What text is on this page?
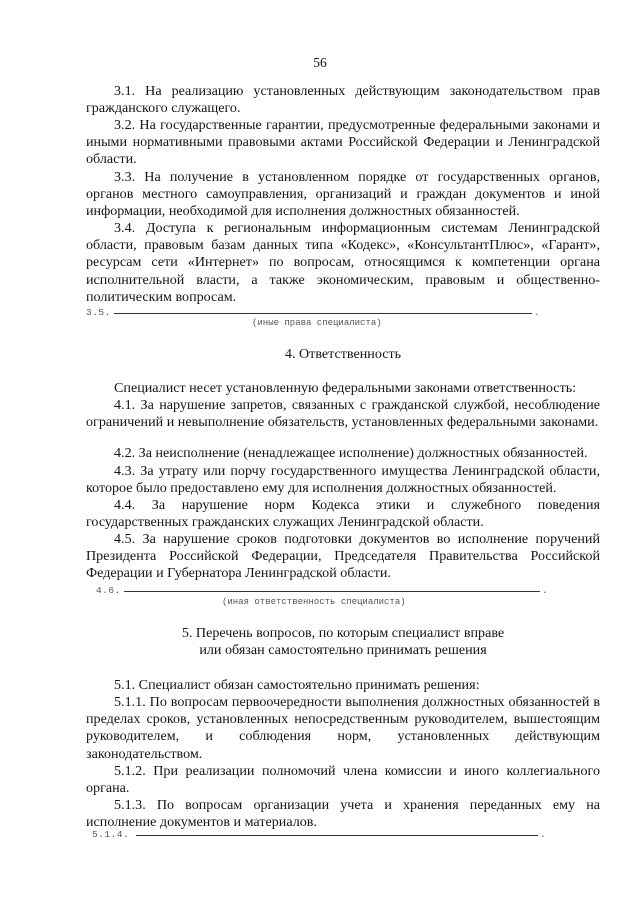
56

3.1. На реализацию установленных действующим законодательством прав гражданского служащего.

3.2. На государственные гарантии, предусмотренные федеральными законами и иными нормативными правовыми актами Российской Федерации и Ленинградской области.

3.3. На получение в установленном порядке от государственных органов, органов местного самоуправления, организаций и граждан документов и иной информации, необходимой для исполнения должностных обязанностей.

3.4. Доступа к региональным информационным системам Ленинградской области, правовым базам данных типа «Кодекс», «КонсультантПлюс», «Гарант», ресурсам сети «Интернет» по вопросам, относящимся к компетенции органа исполнительной власти, а также экономическим, правовым и общественно-политическим вопросам.

3.5.	.
(иные права специалиста)
4. Ответственность

Специалист несет установленную федеральными законами ответственность:

4.1. За нарушение запретов, связанных с гражданской службой, несоблюдение ограничений и невыполнение обязательств, установленных федеральными законами.

4.2. За неисполнение (ненадлежащее исполнение) должностных обязанностей.

4.3. За утрату или порчу государственного имущества Ленинградской области, которое было предоставлено ему для исполнения должностных обязанностей.

4.4. За нарушение норм Кодекса этики и служебного поведения государственных гражданских служащих Ленинградской области.

4.5. За нарушение сроков подготовки документов во исполнение поручений Президента Российской Федерации, Председателя Правительства Российской Федерации и Губернатора Ленинградской области.

4.6.	.
(иная ответственность специалиста)
5. Перечень вопросов, по которым специалист вправе
или обязан самостоятельно принимать решения

5.1. Специалист обязан самостоятельно принимать решения:

5.1.1. По вопросам первоочередности выполнения должностных обязанностей в пределах сроков, установленных непосредственным руководителем, вышестоящим руководителем, и соблюдения норм, установленных действующим законодательством.

5.1.2. При реализации полномочий члена комиссии и иного коллегиального органа.

5.1.3. По вопросам организации учета и хранения переданных ему на исполнение документов и материалов.

5.1.4.	.
